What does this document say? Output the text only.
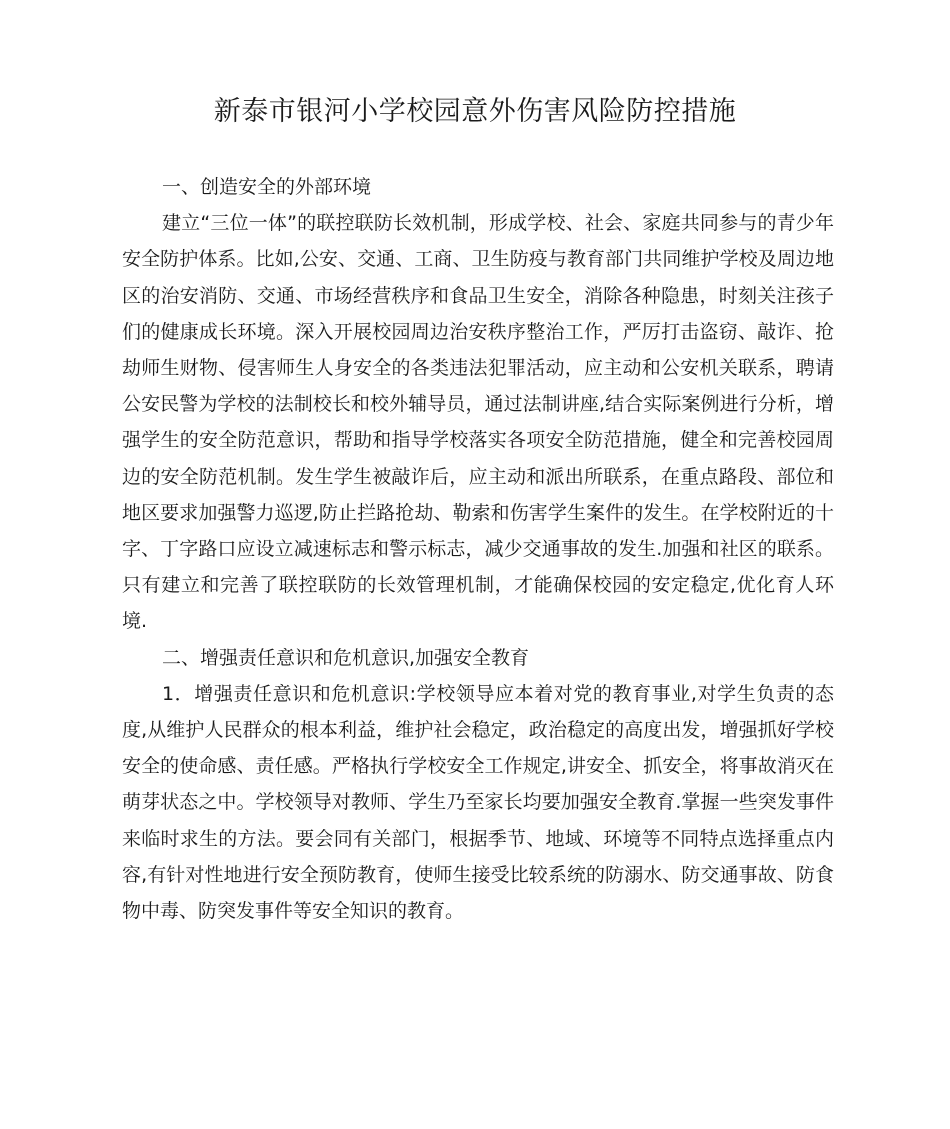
新泰市银河小学校园意外伤害风险防控措施

一、创造安全的外部环境

建立“三位一体”的联控联防长效机制，形成学校、社会、家庭共同参与的青少年安全防护体系。比如,公安、交通、工商、卫生防疫与教育部门共同维护学校及周边地区的治安消防、交通、市场经营秩序和食品卫生安全，消除各种隐患，时刻关注孩子们的健康成长环境。深入开展校园周边治安秩序整治工作，严厉打击盗窃、敲诈、抢劫师生财物、侵害师生人身安全的各类违法犯罪活动，应主动和公安机关联系，聘请公安民警为学校的法制校长和校外辅导员，通过法制讲座,结合实际案例进行分析，增强学生的安全防范意识，帮助和指导学校落实各项安全防范措施，健全和完善校园周边的安全防范机制。发生学生被敲诈后，应主动和派出所联系，在重点路段、部位和地区要求加强警力巡逻,防止拦路抢劫、勒索和伤害学生案件的发生。在学校附近的十字、丁字路口应设立减速标志和警示标志，减少交通事故的发生.加强和社区的联系。只有建立和完善了联控联防的长效管理机制，才能确保校园的安定稳定,优化育人环境.

二、增强责任意识和危机意识,加强安全教育

1．增强责任意识和危机意识:学校领导应本着对党的教育事业,对学生负责的态度,从维护人民群众的根本利益，维护社会稳定，政治稳定的高度出发，增强抓好学校安全的使命感、责任感。严格执行学校安全工作规定,讲安全、抓安全，将事故消灭在萌芽状态之中。学校领导对教师、学生乃至家长均要加强安全教育.掌握一些突发事件来临时求生的方法。要会同有关部门，根据季节、地域、环境等不同特点选择重点内容,有针对性地进行安全预防教育，使师生接受比较系统的防溺水、防交通事故、防食物中毒、防突发事件等安全知识的教育。
